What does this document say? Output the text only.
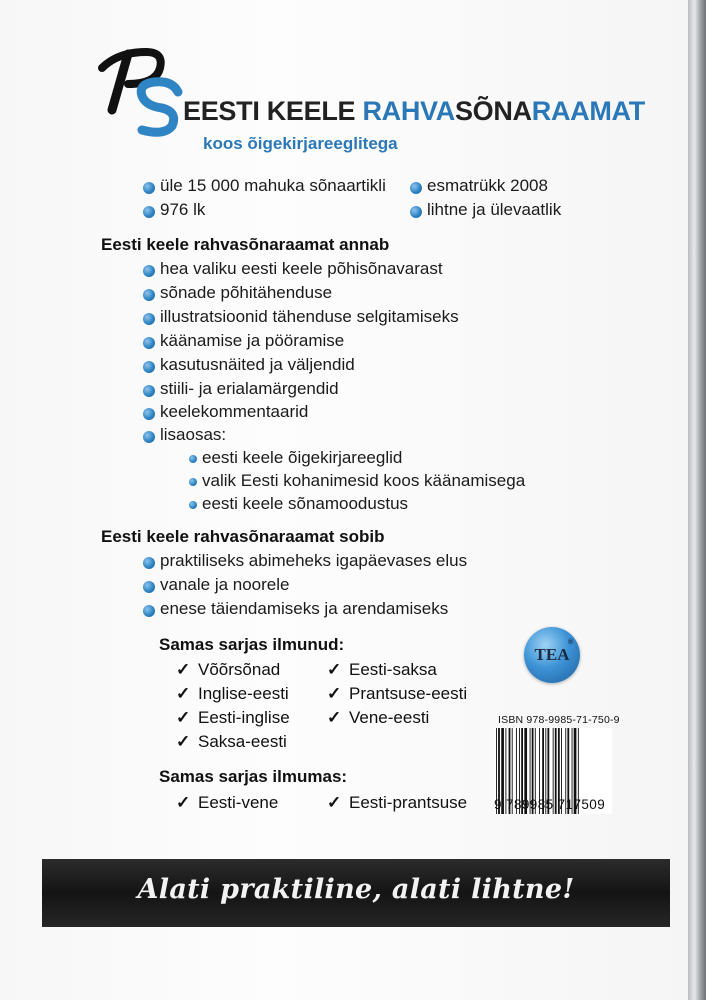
EESTI KEELE RAHVASÕNARAAMAT
koos õigekirjareeglitega
üle 15 000 mahuka sõnaartikli
976 lk
esmatrükk 2008
lihtne ja ülevaatlik
Eesti keele rahvasõnaraamat annab
hea valiku eesti keele põhisõnavarast
sõnade põhitähenduse
illustratsioonid tähenduse selgitamiseks
käänamise ja pööramise
kasutusnäited ja väljendid
stiili- ja erialamärgendid
keelekommentaarid
lisaosas:
eesti keele õigekirjareeglid
valik Eesti kohanimesid koos käänamisega
eesti keele sõnamoodustus
Eesti keele rahvasõnaraamat sobib
praktiliseks abimeheks igapäevases elus
vanale ja noorele
enese täiendamiseks ja arendamiseks
Samas sarjas ilmunud:
✓ Võõrsõnad
✓ Inglise-eesti
✓ Eesti-inglise
✓ Saksa-eesti
✓ Eesti-saksa
✓ Prantsuse-eesti
✓ Vene-eesti
Samas sarjas ilmumas:
✓ Eesti-vene	✓ Eesti-prantsuse
TEA
®
ISBN 978-9985-71-750-9
9 789985 717509
Alati praktiline, alati lihtne!
